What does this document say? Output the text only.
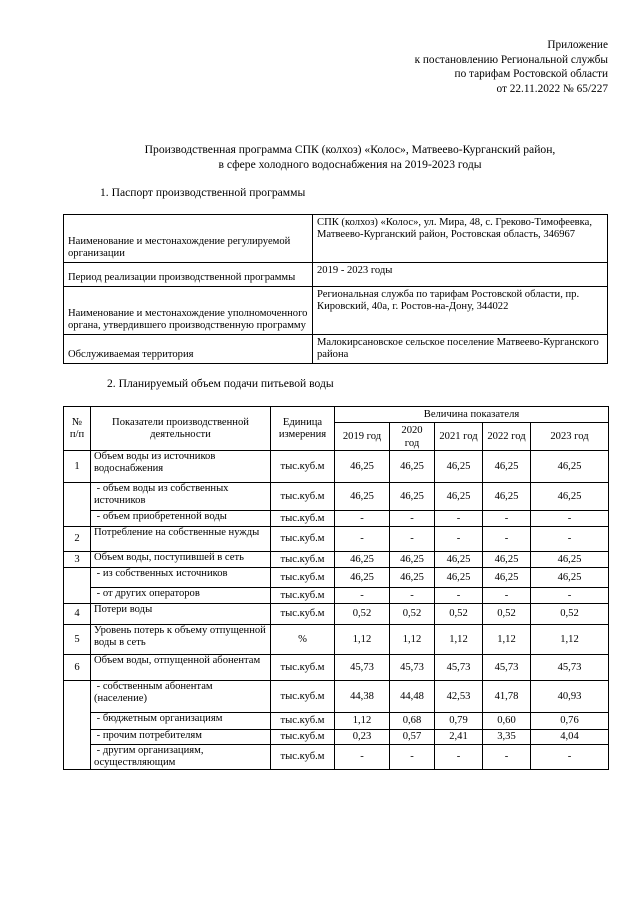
Приложение
к постановлению Региональной службы
по тарифам Ростовской области
от 22.11.2022 № 65/227
Производственная программа СПК (колхоз) «Колос», Матвеево-Курганский район,
в сфере холодного водоснабжения на 2019-2023 годы
1. Паспорт производственной программы
Наименование и местонахождение регулируемой организации	СПК (колхоз) «Колос», ул. Мира, 48, с. Греково-Тимофеевка, Матвеево-Курганский район, Ростовская область, 346967
Период реализации производственной программы	2019 - 2023 годы
Наименование и местонахождение уполномоченного органа, утвердившего производственную программу	Региональная служба по тарифам Ростовской области, пр. Кировский, 40а, г. Ростов-на-Дону, 344022
Обслуживаемая территория	Малокирсановское сельское поселение Матвеево-Курганского района
2. Планируемый объем подачи питьевой воды
№ п/п	Показатели производственной деятельности	Единица измерения	Величина показателя				
			2019 год	2020 год	2021 год	2022 год	2023 год
1	Объем воды из источников водоснабжения	тыс.куб.м	46,25	46,25	46,25	46,25	46,25
	- объем воды из собственных источников	тыс.куб.м	46,25	46,25	46,25	46,25	46,25
	- объем приобретенной воды	тыс.куб.м	-	-	-	-	-
2	Потребление на собственные нужды	тыс.куб.м	-	-	-	-	-
3	Объем воды, поступившей в сеть	тыс.куб.м	46,25	46,25	46,25	46,25	46,25
	- из собственных источников	тыс.куб.м	46,25	46,25	46,25	46,25	46,25
	- от других операторов	тыс.куб.м	-	-	-	-	-
4	Потери воды	тыс.куб.м	0,52	0,52	0,52	0,52	0,52
5	Уровень потерь к объему отпущенной воды в сеть	%	1,12	1,12	1,12	1,12	1,12
6	Объем воды, отпущенной абонентам	тыс.куб.м	45,73	45,73	45,73	45,73	45,73
	- собственным абонентам (население)	тыс.куб.м	44,38	44,48	42,53	41,78	40,93
	- бюджетным организациям	тыс.куб.м	1,12	0,68	0,79	0,60	0,76
	- прочим потребителям	тыс.куб.м	0,23	0,57	2,41	3,35	4,04
	- другим организациям, осуществляющим	тыс.куб.м	-	-	-	-	-
